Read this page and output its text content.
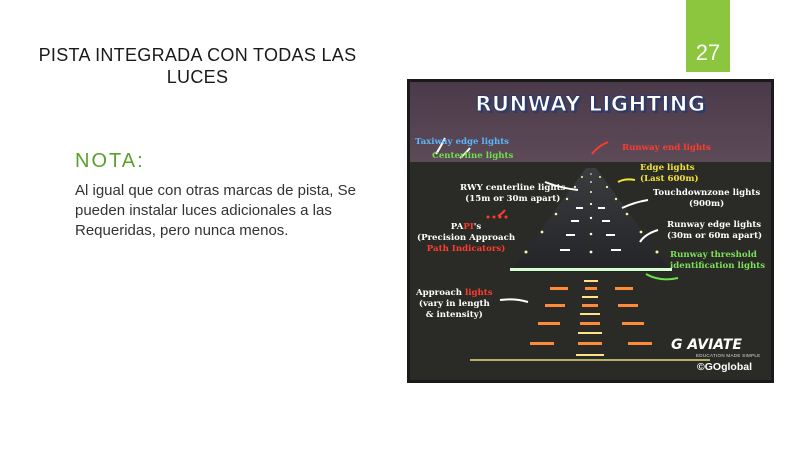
27
PISTA INTEGRADA CON TODAS LAS LUCES
NOTA:
Al igual que con otras marcas de pista, Se pueden instalar luces adicionales a las Requeridas, pero nunca menos.
RUNWAY LIGHTING
Taxiway edge lights
Centerline lights
Runway end lights
Edge lights
(Last 600m)
RWY centerline lights
(15m or 30m apart)
Touchdownzone lights
(900m)
PAPI's
(Precision Approach
Path Indicators)
Runway edge lights
(30m or 60m apart)
Runway threshold
identification lights
Approach lights
(vary in length
& intensity)
G AVIATE
EDUCATION MADE SIMPLE
©GOglobal
